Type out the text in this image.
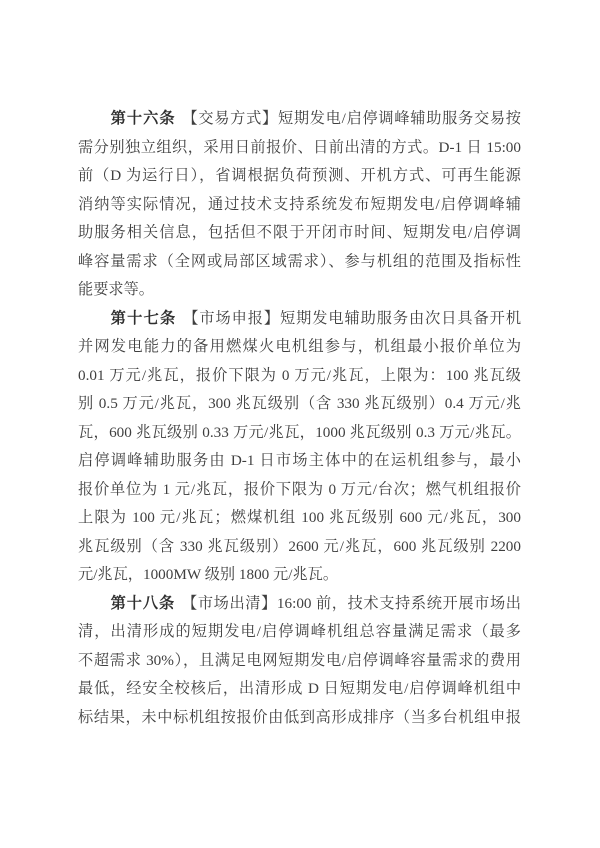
第十六条 【交易方式】短期发电/启停调峰辅助服务交易按
需分别独立组织，采用日前报价、日前出清的方式。D-1 日 15:00
前（D 为运行日），省调根据负荷预测、开机方式、可再生能源
消纳等实际情况，通过技术支持系统发布短期发电/启停调峰辅
助服务相关信息，包括但不限于开闭市时间、短期发电/启停调
峰容量需求（全网或局部区域需求）、参与机组的范围及指标性
能要求等。
第十七条 【市场申报】短期发电辅助服务由次日具备开机
并网发电能力的备用燃煤火电机组参与，机组最小报价单位为
0.01 万元/兆瓦，报价下限为 0 万元/兆瓦，上限为：100 兆瓦级
别 0.5 万元/兆瓦，300 兆瓦级别（含 330 兆瓦级别）0.4 万元/兆
瓦，600 兆瓦级别 0.33 万元/兆瓦，1000 兆瓦级别 0.3 万元/兆瓦。
启停调峰辅助服务由 D-1 日市场主体中的在运机组参与，最小
报价单位为 1 元/兆瓦，报价下限为 0 万元/台次；燃气机组报价
上限为 100 元/兆瓦；燃煤机组 100 兆瓦级别 600 元/兆瓦，300
兆瓦级别（含 330 兆瓦级别）2600 元/兆瓦，600 兆瓦级别 2200
元/兆瓦，1000MW 级别 1800 元/兆瓦。
第十八条 【市场出清】16:00 前，技术支持系统开展市场出
清，出清形成的短期发电/启停调峰机组总容量满足需求（最多
不超需求 30%），且满足电网短期发电/启停调峰容量需求的费用
最低，经安全校核后，出清形成 D 日短期发电/启停调峰机组中
标结果，未中标机组按报价由低到高形成排序（当多台机组申报
